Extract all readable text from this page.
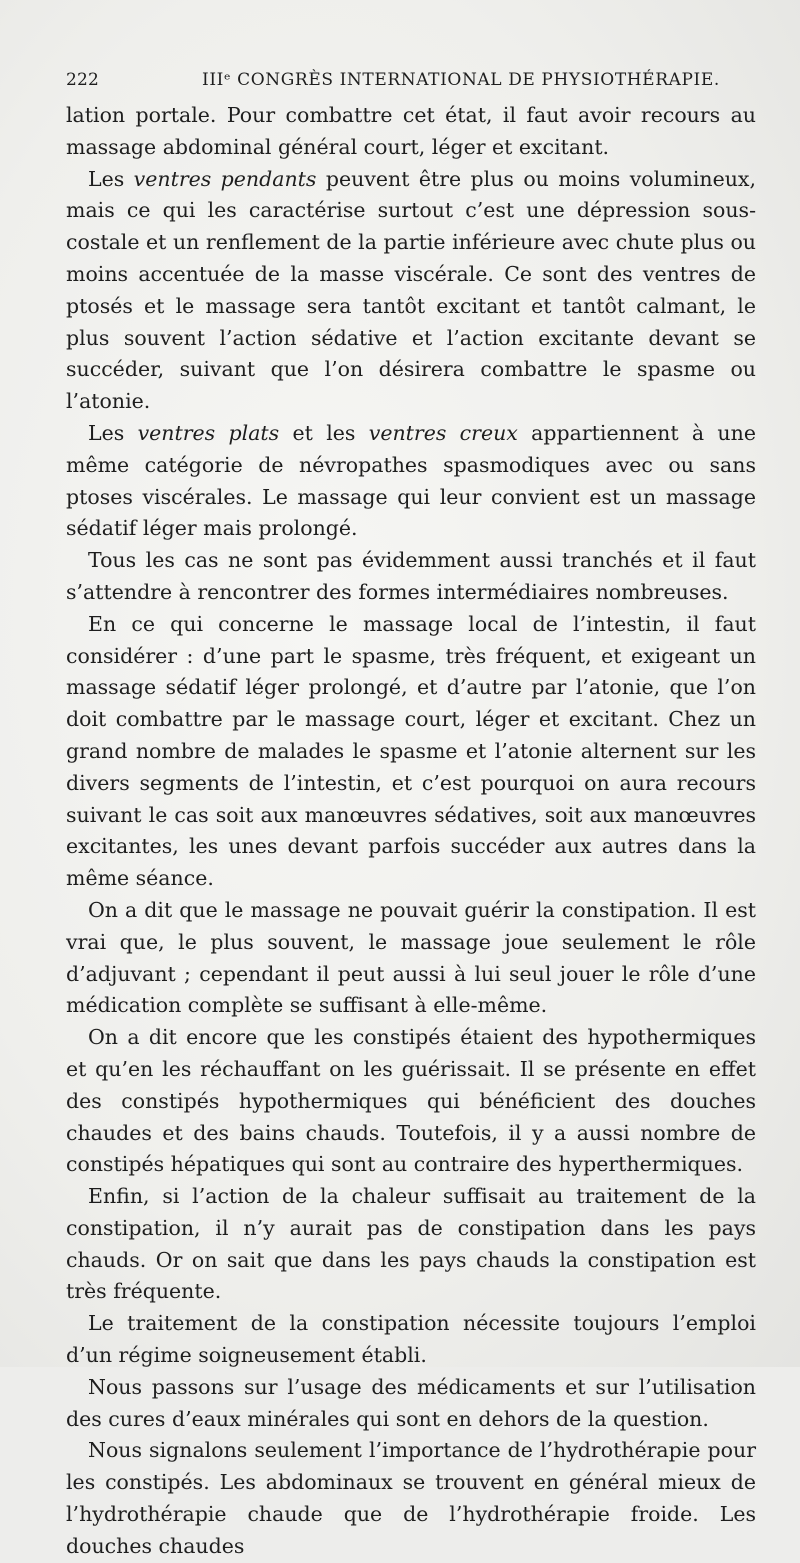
222	IIIᵉ CONGRÈS INTERNATIONAL DE PHYSIOTHÉRAPIE.

lation portale. Pour combattre cet état, il faut avoir recours au massage abdominal général court, léger et excitant.

Les ventres pendants peuvent être plus ou moins volumineux, mais ce qui les caractérise surtout c’est une dépression sous-costale et un renflement de la partie inférieure avec chute plus ou moins accentuée de la masse viscérale. Ce sont des ventres de ptosés et le massage sera tantôt excitant et tantôt calmant, le plus souvent l’action sédative et l’action excitante devant se succéder, suivant que l’on désirera combattre le spasme ou l’atonie.

Les ventres plats et les ventres creux appartiennent à une même catégorie de névropathes spasmodiques avec ou sans ptoses viscérales. Le massage qui leur convient est un massage sédatif léger mais prolongé.

Tous les cas ne sont pas évidemment aussi tranchés et il faut s’attendre à rencontrer des formes intermédiaires nombreuses.

En ce qui concerne le massage local de l’intestin, il faut considérer : d’une part le spasme, très fréquent, et exigeant un massage sédatif léger prolongé, et d’autre par l’atonie, que l’on doit combattre par le massage court, léger et excitant. Chez un grand nombre de malades le spasme et l’atonie alternent sur les divers segments de l’intestin, et c’est pourquoi on aura recours suivant le cas soit aux manœuvres sédatives, soit aux manœuvres excitantes, les unes devant parfois succéder aux autres dans la même séance.

On a dit que le massage ne pouvait guérir la constipation. Il est vrai que, le plus souvent, le massage joue seulement le rôle d’adjuvant ; cependant il peut aussi à lui seul jouer le rôle d’une médication complète se suffisant à elle-même.

On a dit encore que les constipés étaient des hypothermiques et qu’en les réchauffant on les guérissait. Il se présente en effet des constipés hypothermiques qui bénéficient des douches chaudes et des bains chauds. Toutefois, il y a aussi nombre de constipés hépatiques qui sont au contraire des hyperthermiques.

Enfin, si l’action de la chaleur suffisait au traitement de la constipation, il n’y aurait pas de constipation dans les pays chauds. Or on sait que dans les pays chauds la constipation est très fréquente.

Le traitement de la constipation nécessite toujours l’emploi d’un régime soigneusement établi.

Nous passons sur l’usage des médicaments et sur l’utilisation des cures d’eaux minérales qui sont en dehors de la question.

Nous signalons seulement l’importance de l’hydrothérapie pour les constipés. Les abdominaux se trouvent en général mieux de l’hydrothérapie chaude que de l’hydrothérapie froide. Les douches chaudes
